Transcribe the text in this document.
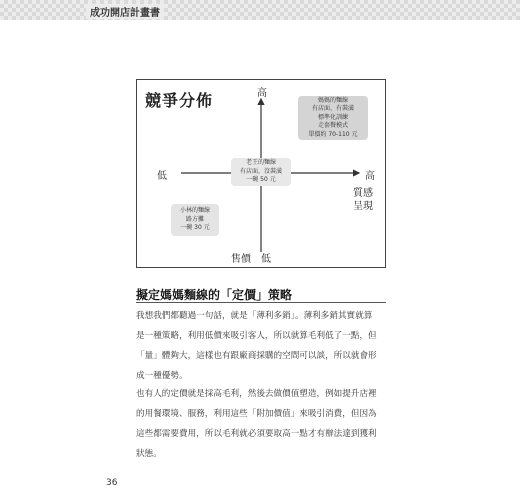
成功開店計畫書
競爭分佈	高
售價　低
低	高
質感
呈現
媽媽的麵線
有店面、有裝潢
標準化訓練
走套餐模式
單價約 70-110 元
老王的麵線
有店面，沒裝潢
一碗 50 元
小林的麵線
路方攤
一碗 30 元
擬定媽媽麵線的「定價」策略
我想我們都聽過一句話，就是「薄利多銷」。薄利多銷其實就算
是一種策略，利用低價來吸引客人，所以就算毛利低了一點，但
「量」體夠大，這樣也有跟廠商採購的空間可以談，所以就會形
成一種優勢。
也有人的定價就是採高毛利，然後去做價值塑造，例如提升店裡
的用餐環境、服務，利用這些「附加價值」來吸引消費，但因為
這些都需要費用，所以毛利就必須要取高一點才有辦法達到獲利
狀態。
36
